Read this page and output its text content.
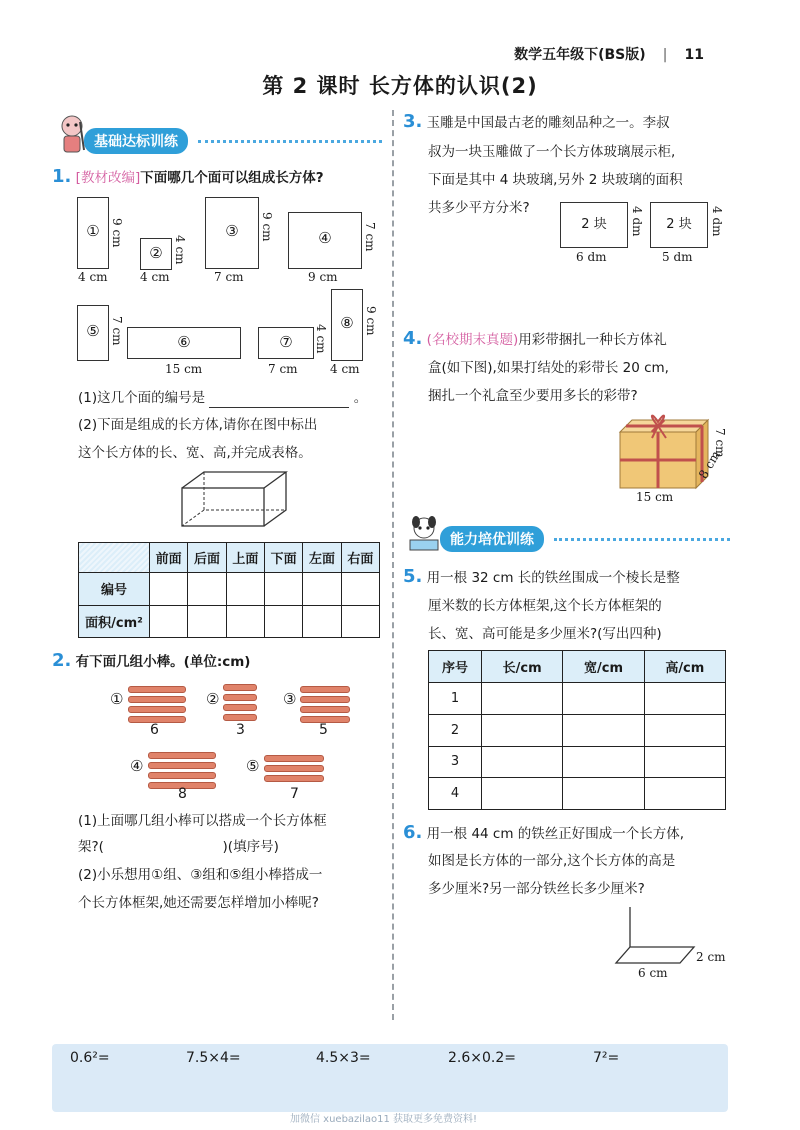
数学五年级下(BS版) | 11
第 2 课时 长方体的认识(2)
基础达标训练
1. [教材改编]下面哪几个面可以组成长方体?
① 9 cm
4 cm
② 4 cm
4 cm
③	9 cm
7 cm
④	7 cm
9 cm
⑤ 7 cm	⑥
15 cm
⑦	4 cm
7 cm
⑧ 9 cm
4 cm
(1)这几个面的编号是	。
(2)下面是组成的长方体,请你在图中标出
这个长方体的长、宽、高,并完成表格。
	前面	后面	上面	下面	左面	右面
编号						
面积/cm²						
2. 有下面几组小棒。(单位:cm)
①
6
②
3
③
5
④
8
⑤
7
(1)上面哪几组小棒可以搭成一个长方体框
架?(	)(填序号)
(2)小乐想用①组、③组和⑤组小棒搭成一
个长方体框架,她还需要怎样增加小棒呢?
3. 玉雕是中国最古老的雕刻品种之一。李叔
叔为一块玉雕做了一个长方体玻璃展示柜,
下面是其中 4 块玻璃,另外 2 块玻璃的面积
共多少平方分米?
2 块	4 dm
6 dm
2 块	4 dm
5 dm
4. (名校期末真题)用彩带捆扎一种长方体礼
盒(如下图),如果打结处的彩带长 20 cm,
捆扎一个礼盒至少要用多长的彩带?
15 cm
8 cm
7 cm
能力培优训练
5. 用一根 32 cm 长的铁丝围成一个棱长是整
厘米数的长方体框架,这个长方体框架的
长、宽、高可能是多少厘米?(写出四种)
序号	长/cm	宽/cm	高/cm
1			
2			
3			
4			
6. 用一根 44 cm 的铁丝正好围成一个长方体,
如图是长方体的一部分,这个长方体的高是
多少厘米?另一部分铁丝长多少厘米?
6 cm
2 cm
0.6²=	7.5×4=	4.5×3=	2.6×0.2=	7²=
加微信 xuebazilao11 获取更多免费资料!
